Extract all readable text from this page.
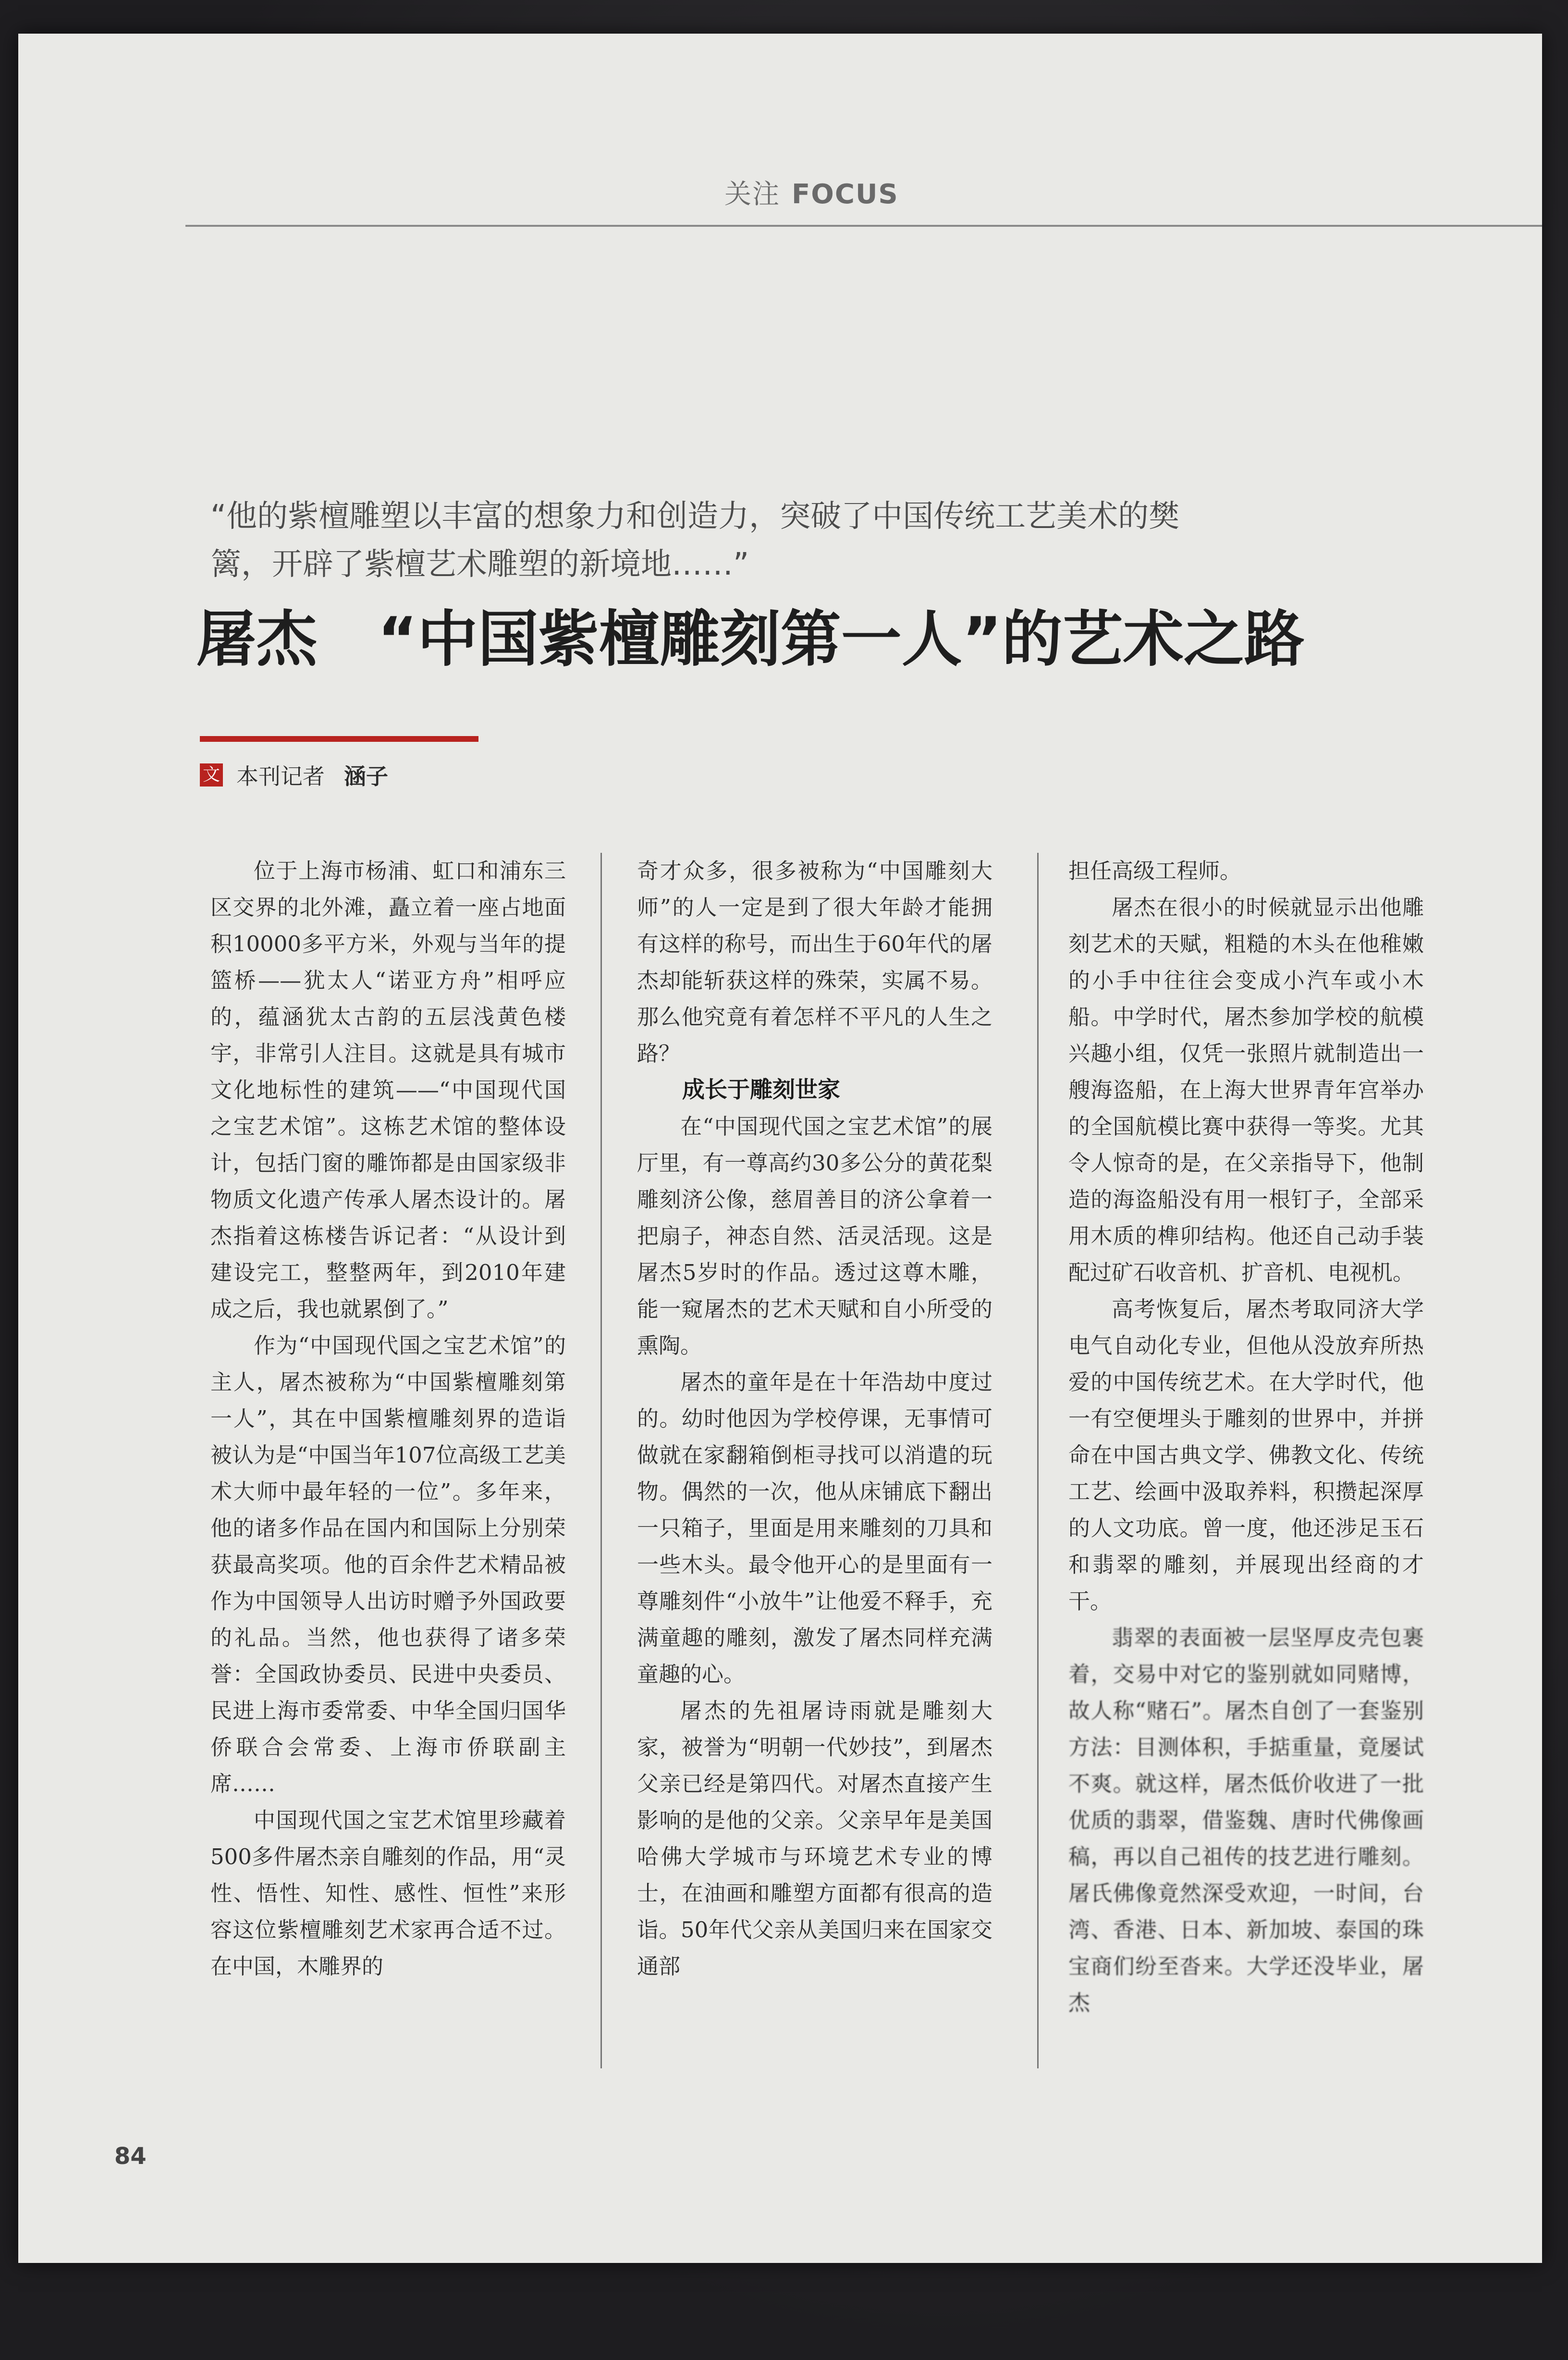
关注 FOCUS
“他的紫檀雕塑以丰富的想象力和创造力，突破了中国传统工艺美术的樊篱，开辟了紫檀艺术雕塑的新境地……”
屠杰　“中国紫檀雕刻第一人”的艺术之路
文 本刊记者 涵子

位于上海市杨浦、虹口和浦东三区交界的北外滩，矗立着一座占地面积10000多平方米，外观与当年的提篮桥——犹太人“诺亚方舟”相呼应的，蕴涵犹太古韵的五层浅黄色楼宇，非常引人注目。这就是具有城市文化地标性的建筑——“中国现代国之宝艺术馆”。这栋艺术馆的整体设计，包括门窗的雕饰都是由国家级非物质文化遗产传承人屠杰设计的。屠杰指着这栋楼告诉记者：“从设计到建设完工，整整两年，到2010年建成之后，我也就累倒了。”

作为“中国现代国之宝艺术馆”的主人，屠杰被称为“中国紫檀雕刻第一人”，其在中国紫檀雕刻界的造诣被认为是“中国当年107位高级工艺美术大师中最年轻的一位”。多年来，他的诸多作品在国内和国际上分别荣获最高奖项。他的百余件艺术精品被作为中国领导人出访时赠予外国政要的礼品。当然，他也获得了诸多荣誉：全国政协委员、民进中央委员、民进上海市委常委、中华全国归国华侨联合会常委、上海市侨联副主席……

中国现代国之宝艺术馆里珍藏着500多件屠杰亲自雕刻的作品，用“灵性、悟性、知性、感性、恒性”来形容这位紫檀雕刻艺术家再合适不过。在中国，木雕界的

奇才众多，很多被称为“中国雕刻大师”的人一定是到了很大年龄才能拥有这样的称号，而出生于60年代的屠杰却能斩获这样的殊荣，实属不易。那么他究竟有着怎样不平凡的人生之路？

成长于雕刻世家

在“中国现代国之宝艺术馆”的展厅里，有一尊高约30多公分的黄花梨雕刻济公像，慈眉善目的济公拿着一把扇子，神态自然、活灵活现。这是屠杰5岁时的作品。透过这尊木雕，能一窥屠杰的艺术天赋和自小所受的熏陶。

屠杰的童年是在十年浩劫中度过的。幼时他因为学校停课，无事情可做就在家翻箱倒柜寻找可以消遣的玩物。偶然的一次，他从床铺底下翻出一只箱子，里面是用来雕刻的刀具和一些木头。最令他开心的是里面有一尊雕刻件“小放牛”让他爱不释手，充满童趣的雕刻，激发了屠杰同样充满童趣的心。

屠杰的先祖屠诗雨就是雕刻大家，被誉为“明朝一代妙技”，到屠杰父亲已经是第四代。对屠杰直接产生影响的是他的父亲。父亲早年是美国哈佛大学城市与环境艺术专业的博士，在油画和雕塑方面都有很高的造诣。50年代父亲从美国归来在国家交通部

担任高级工程师。

屠杰在很小的时候就显示出他雕刻艺术的天赋，粗糙的木头在他稚嫩的小手中往往会变成小汽车或小木船。中学时代，屠杰参加学校的航模兴趣小组，仅凭一张照片就制造出一艘海盗船，在上海大世界青年宫举办的全国航模比赛中获得一等奖。尤其令人惊奇的是，在父亲指导下，他制造的海盗船没有用一根钉子，全部采用木质的榫卯结构。他还自己动手装配过矿石收音机、扩音机、电视机。

高考恢复后，屠杰考取同济大学电气自动化专业，但他从没放弃所热爱的中国传统艺术。在大学时代，他一有空便埋头于雕刻的世界中，并拼命在中国古典文学、佛教文化、传统工艺、绘画中汲取养料，积攒起深厚的人文功底。曾一度，他还涉足玉石和翡翠的雕刻，并展现出经商的才干。

翡翠的表面被一层坚厚皮壳包裹着，交易中对它的鉴别就如同赌博，故人称“赌石”。屠杰自创了一套鉴别方法：目测体积，手掂重量，竟屡试不爽。就这样，屠杰低价收进了一批优质的翡翠，借鉴魏、唐时代佛像画稿，再以自己祖传的技艺进行雕刻。屠氏佛像竟然深受欢迎，一时间，台湾、香港、日本、新加坡、泰国的珠宝商们纷至沓来。大学还没毕业，屠杰

84
